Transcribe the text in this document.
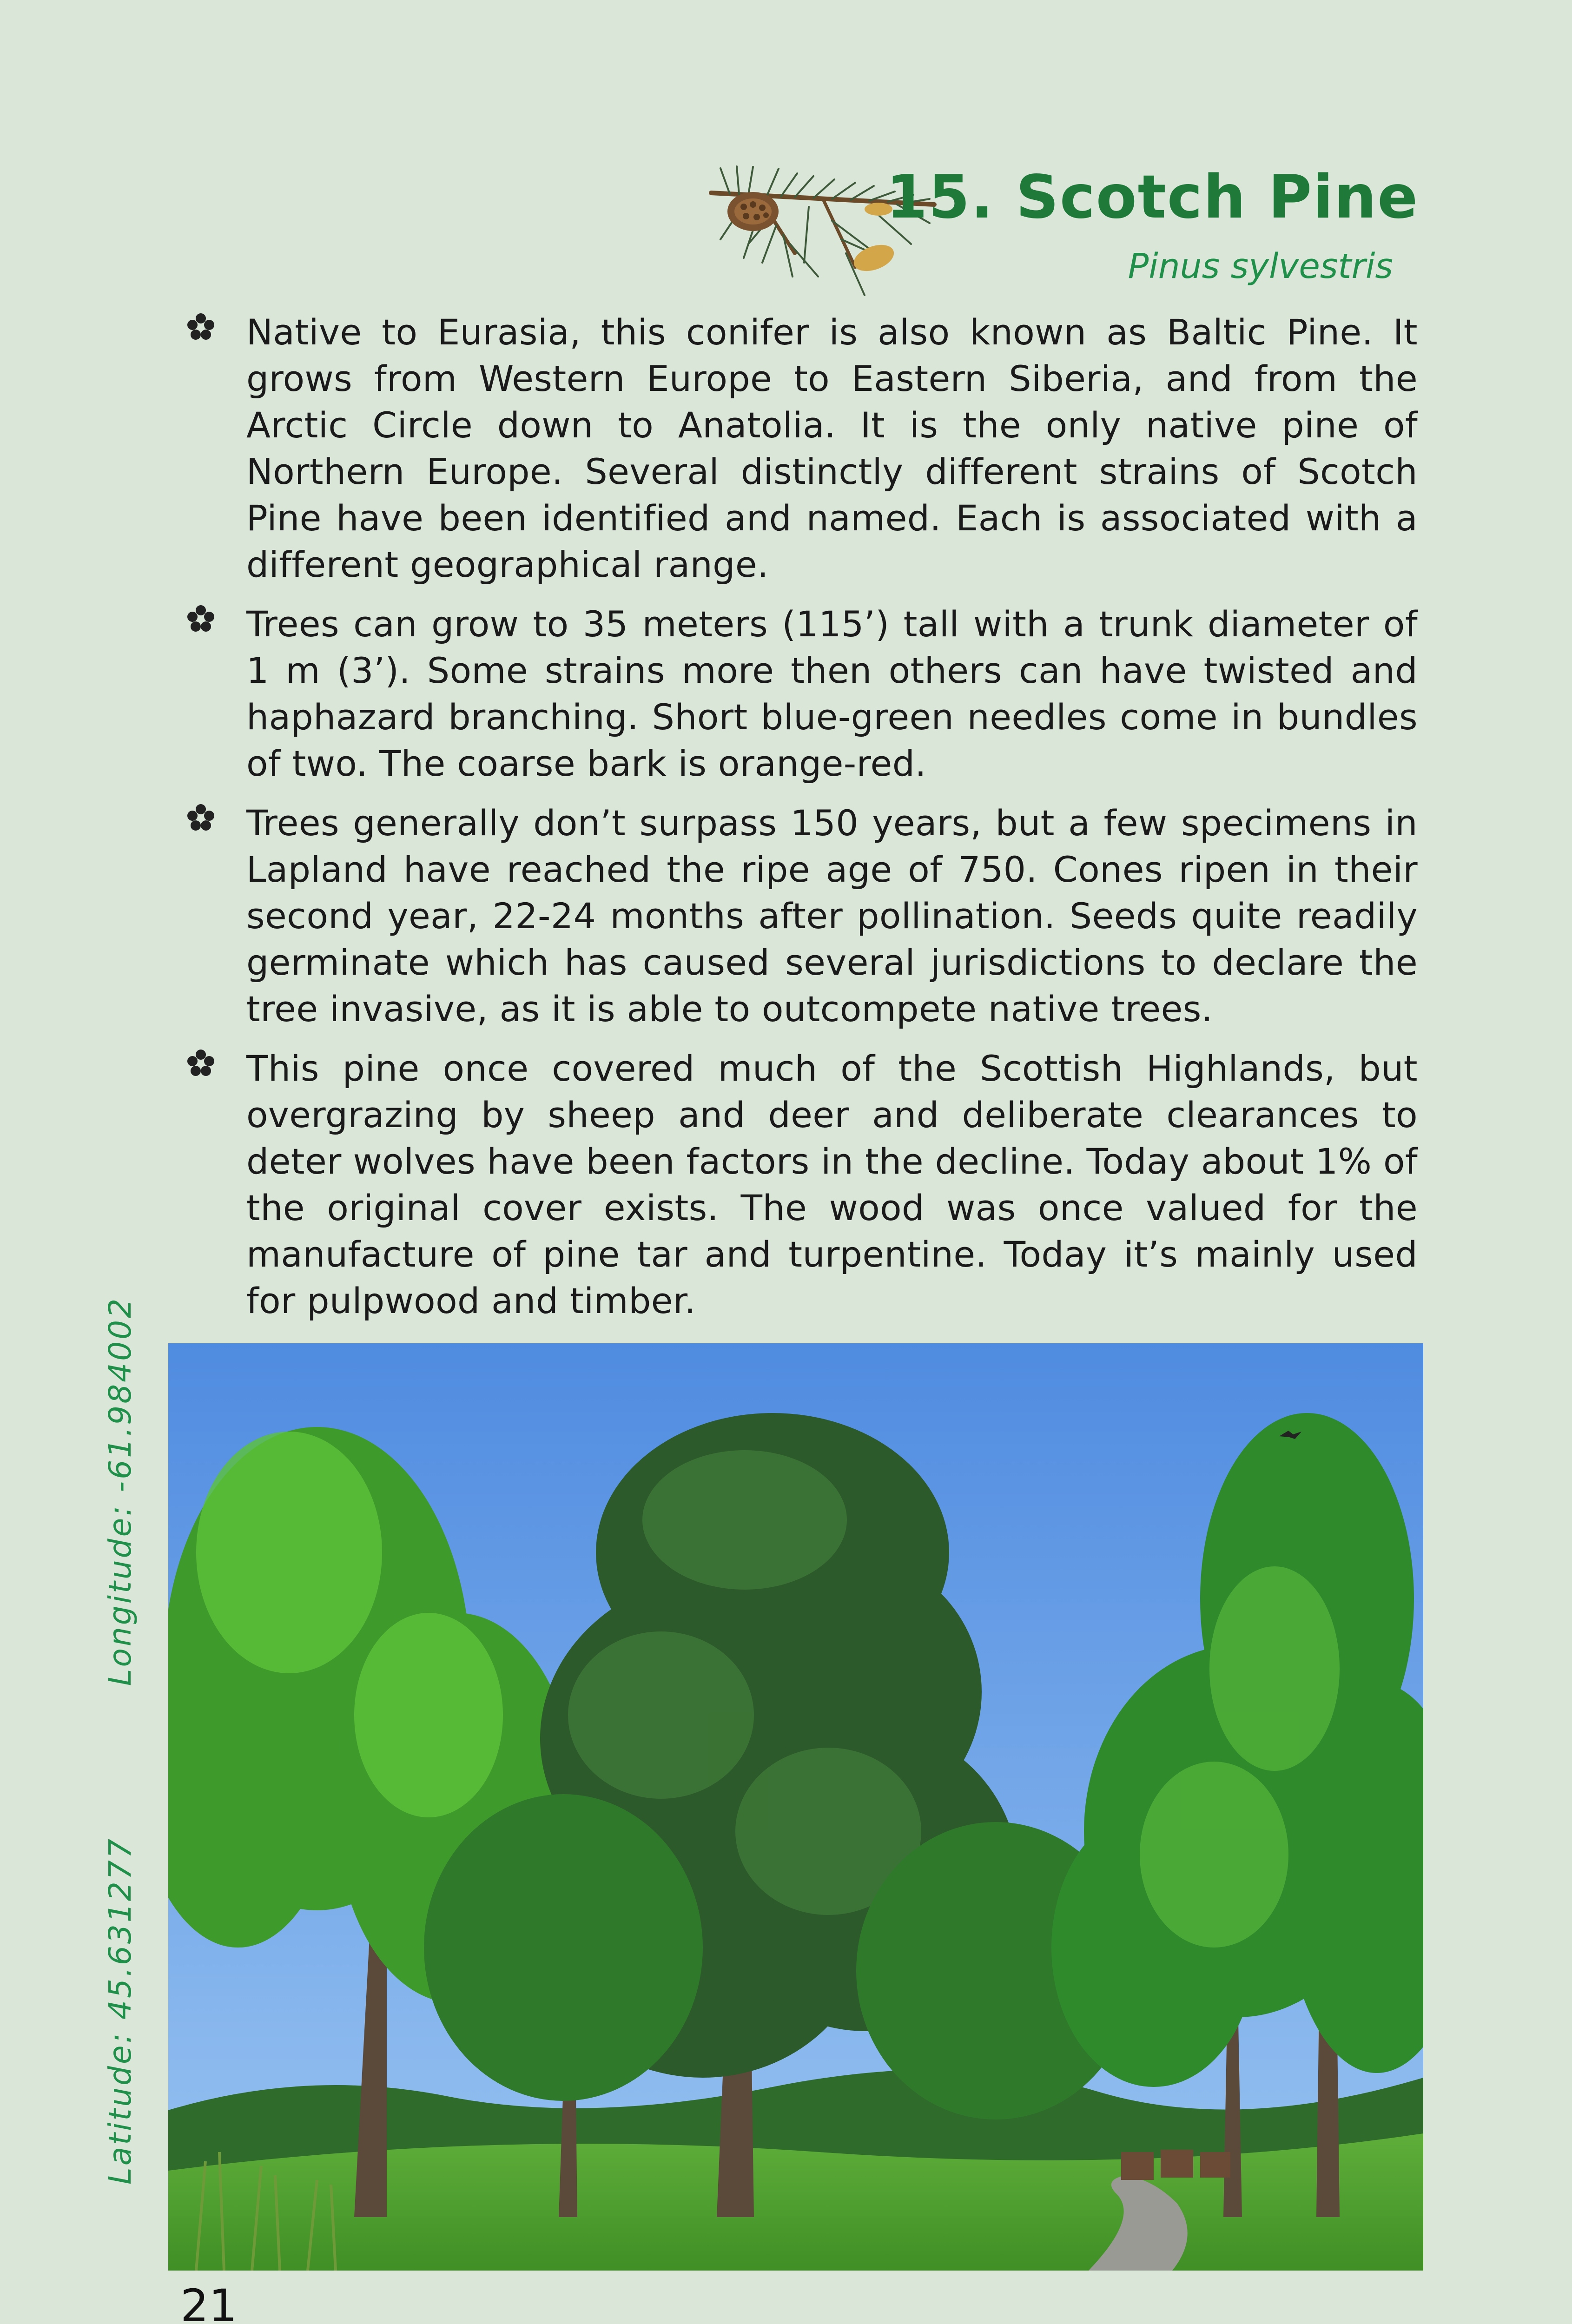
15. Scotch Pine
Pinus sylvestris

Native to Eurasia, this conifer is also known as Baltic Pine. It grows from Western Europe to Eastern Siberia, and from the Arctic Circle down to Anatolia. It is the only native pine of Northern Europe. Several distinctly different strains of Scotch Pine have been identified and named. Each is associated with a different geographical range.

Trees can grow to 35 meters (115’) tall with a trunk diameter of 1 m (3’). Some strains more then others can have twisted and haphazard branching. Short blue-green needles come in bundles of two. The coarse bark is orange-red.

Trees generally don’t surpass 150 years, but a few specimens in Lapland have reached the ripe age of 750. Cones ripen in their second year, 22-24 months after pollination. Seeds quite readily germinate which has caused several jurisdictions to declare the tree invasive, as it is able to outcompete native trees.

This pine once covered much of the Scottish Highlands, but overgrazing by sheep and deer and deliberate clearances to deter wolves have been factors in the decline. Today about 1% of the original cover exists. The wood was once valued for the manufacture of pine tar and turpentine. Today it’s mainly used for pulpwood and timber.

Latitude: 45.631277 Longitude: -61.984002
21
